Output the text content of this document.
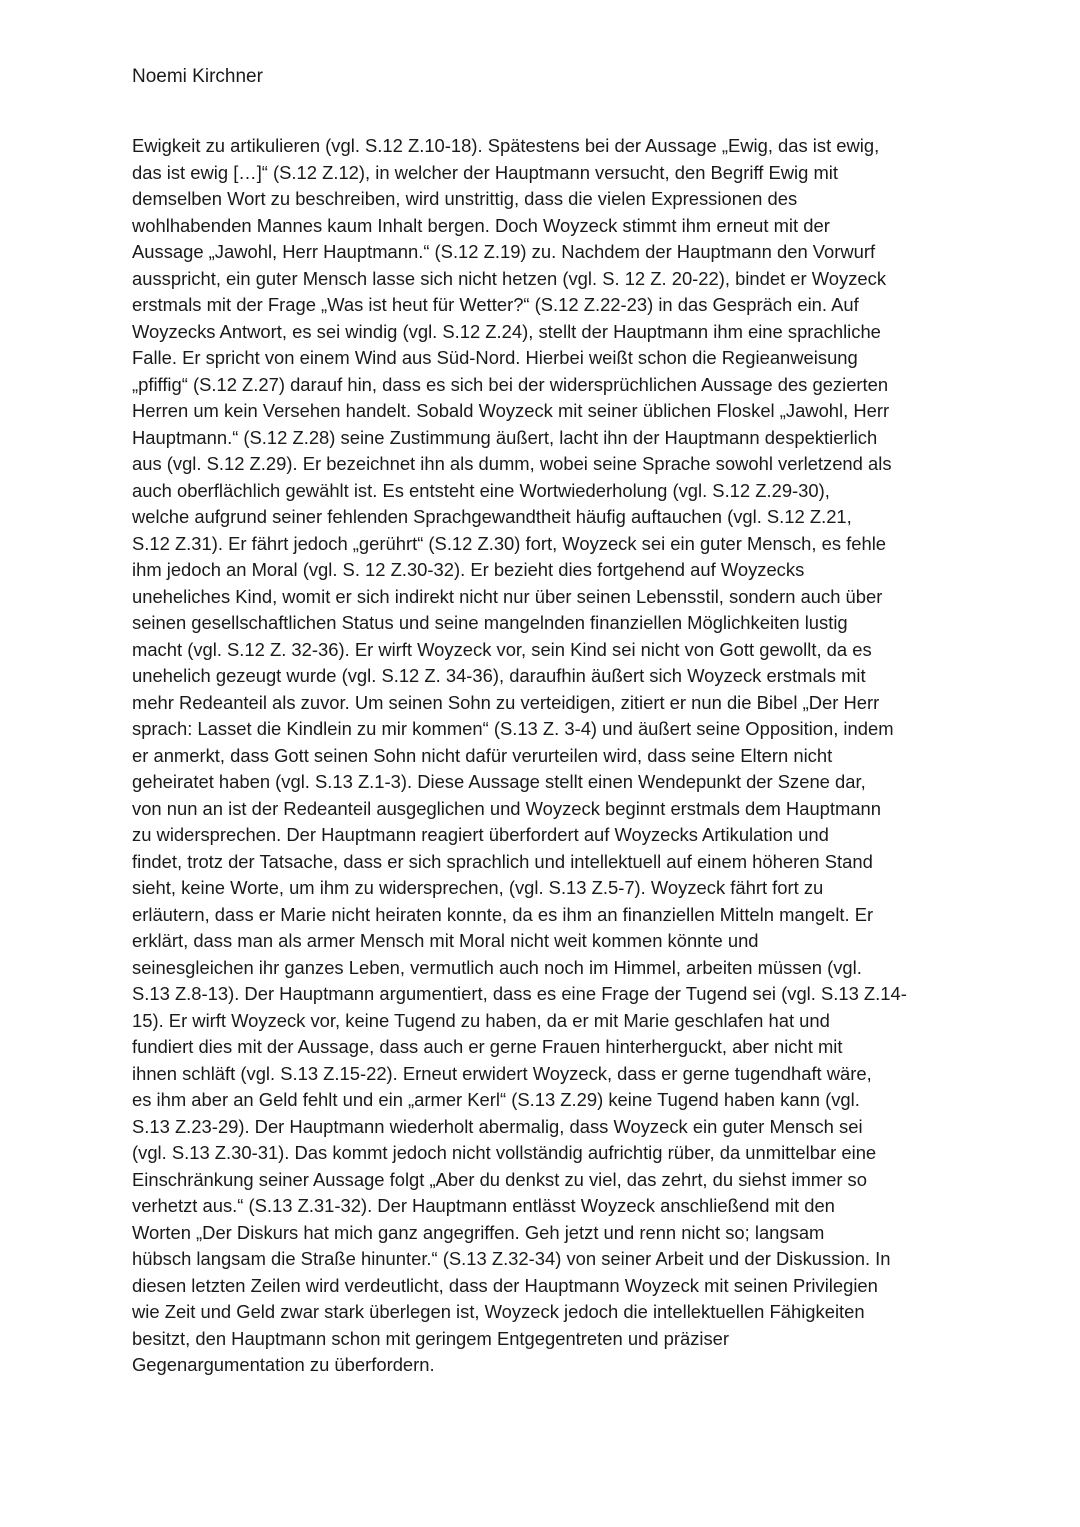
Noemi Kirchner
Ewigkeit zu artikulieren (vgl. S.12 Z.10-18). Spätestens bei der Aussage „Ewig, das ist ewig,
das ist ewig […]“ (S.12 Z.12), in welcher der Hauptmann versucht, den Begriff Ewig mit
demselben Wort zu beschreiben, wird unstrittig, dass die vielen Expressionen des
wohlhabenden Mannes kaum Inhalt bergen. Doch Woyzeck stimmt ihm erneut mit der
Aussage „Jawohl, Herr Hauptmann.“ (S.12 Z.19) zu. Nachdem der Hauptmann den Vorwurf
ausspricht, ein guter Mensch lasse sich nicht hetzen (vgl. S. 12 Z. 20-22), bindet er Woyzeck
erstmals mit der Frage „Was ist heut für Wetter?“ (S.12 Z.22-23) in das Gespräch ein. Auf
Woyzecks Antwort, es sei windig (vgl. S.12 Z.24), stellt der Hauptmann ihm eine sprachliche
Falle. Er spricht von einem Wind aus Süd-Nord. Hierbei weißt schon die Regieanweisung
„pfiffig“ (S.12 Z.27) darauf hin, dass es sich bei der widersprüchlichen Aussage des gezierten
Herren um kein Versehen handelt. Sobald Woyzeck mit seiner üblichen Floskel „Jawohl, Herr
Hauptmann.“ (S.12 Z.28) seine Zustimmung äußert, lacht ihn der Hauptmann despektierlich
aus (vgl. S.12 Z.29). Er bezeichnet ihn als dumm, wobei seine Sprache sowohl verletzend als
auch oberflächlich gewählt ist. Es entsteht eine Wortwiederholung (vgl. S.12 Z.29-30),
welche aufgrund seiner fehlenden Sprachgewandtheit häufig auftauchen (vgl. S.12 Z.21,
S.12 Z.31). Er fährt jedoch „gerührt“ (S.12 Z.30) fort, Woyzeck sei ein guter Mensch, es fehle
ihm jedoch an Moral (vgl. S. 12 Z.30-32). Er bezieht dies fortgehend auf Woyzecks
uneheliches Kind, womit er sich indirekt nicht nur über seinen Lebensstil, sondern auch über
seinen gesellschaftlichen Status und seine mangelnden finanziellen Möglichkeiten lustig
macht (vgl. S.12 Z. 32-36). Er wirft Woyzeck vor, sein Kind sei nicht von Gott gewollt, da es
unehelich gezeugt wurde (vgl. S.12 Z. 34-36), daraufhin äußert sich Woyzeck erstmals mit
mehr Redeanteil als zuvor. Um seinen Sohn zu verteidigen, zitiert er nun die Bibel „Der Herr
sprach: Lasset die Kindlein zu mir kommen“ (S.13 Z. 3-4) und äußert seine Opposition, indem
er anmerkt, dass Gott seinen Sohn nicht dafür verurteilen wird, dass seine Eltern nicht
geheiratet haben (vgl. S.13 Z.1-3). Diese Aussage stellt einen Wendepunkt der Szene dar,
von nun an ist der Redeanteil ausgeglichen und Woyzeck beginnt erstmals dem Hauptmann
zu widersprechen. Der Hauptmann reagiert überfordert auf Woyzecks Artikulation und
findet, trotz der Tatsache, dass er sich sprachlich und intellektuell auf einem höheren Stand
sieht, keine Worte, um ihm zu widersprechen, (vgl. S.13 Z.5-7). Woyzeck fährt fort zu
erläutern, dass er Marie nicht heiraten konnte, da es ihm an finanziellen Mitteln mangelt. Er
erklärt, dass man als armer Mensch mit Moral nicht weit kommen könnte und
seinesgleichen ihr ganzes Leben, vermutlich auch noch im Himmel, arbeiten müssen (vgl.
S.13 Z.8-13). Der Hauptmann argumentiert, dass es eine Frage der Tugend sei (vgl. S.13 Z.14-
15). Er wirft Woyzeck vor, keine Tugend zu haben, da er mit Marie geschlafen hat und
fundiert dies mit der Aussage, dass auch er gerne Frauen hinterherguckt, aber nicht mit
ihnen schläft (vgl. S.13 Z.15-22). Erneut erwidert Woyzeck, dass er gerne tugendhaft wäre,
es ihm aber an Geld fehlt und ein „armer Kerl“ (S.13 Z.29) keine Tugend haben kann (vgl.
S.13 Z.23-29). Der Hauptmann wiederholt abermalig, dass Woyzeck ein guter Mensch sei
(vgl. S.13 Z.30-31). Das kommt jedoch nicht vollständig aufrichtig rüber, da unmittelbar eine
Einschränkung seiner Aussage folgt „Aber du denkst zu viel, das zehrt, du siehst immer so
verhetzt aus.“ (S.13 Z.31-32). Der Hauptmann entlässt Woyzeck anschließend mit den
Worten „Der Diskurs hat mich ganz angegriffen. Geh jetzt und renn nicht so; langsam
hübsch langsam die Straße hinunter.“ (S.13 Z.32-34) von seiner Arbeit und der Diskussion. In
diesen letzten Zeilen wird verdeutlicht, dass der Hauptmann Woyzeck mit seinen Privilegien
wie Zeit und Geld zwar stark überlegen ist, Woyzeck jedoch die intellektuellen Fähigkeiten
besitzt, den Hauptmann schon mit geringem Entgegentreten und präziser
Gegenargumentation zu überfordern.
